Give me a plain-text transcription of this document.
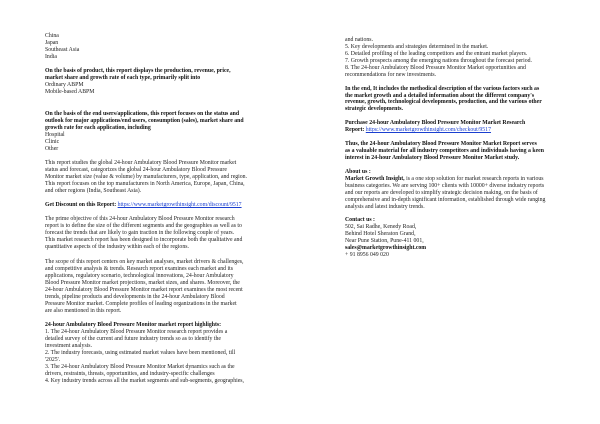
China
Japan
Southeast Asia
India
On the basis of product, this report displays the production, revenue, price,
market share and growth rate of each type, primarily split into
Ordinary ABPM
Mobile-based ABPM
On the basis of the end users/applications, this report focuses on the status and
outlook for major applications/end users, consumption (sales), market share and
growth rate for each application, including
Hospital
Clinic
Other
This report studies the global 24-hour Ambulatory Blood Pressure Monitor market
status and forecast, categorizes the global 24-hour Ambulatory Blood Pressure
Monitor market size (value & volume) by manufacturers, type, application, and region.
This report focuses on the top manufacturers in North America, Europe, Japan, China,
and other regions (India, Southeast Asia).
Get Discount on this Report: https://www.marketgrowthinsight.com/discount/9517
The prime objective of this 24-hour Ambulatory Blood Pressure Monitor research
report is to define the size of the different segments and the geographies as well as to
forecast the trends that are likely to gain traction in the following couple of years.
This market research report has been designed to incorporate both the qualitative and
quantitative aspects of the industry within each of the regions.
The scope of this report centers on key market analyses, market drivers & challenges,
and competitive analysis & trends. Research report examines each market and its
applications, regulatory scenario, technological innovations, 24-hour Ambulatory
Blood Pressure Monitor market projections, market sizes, and shares. Moreover, the
24-hour Ambulatory Blood Pressure Monitor market report examines the most recent
trends, pipeline products and developments in the 24-hour Ambulatory Blood
Pressure Monitor market. Complete profiles of leading organizations in the market
are also mentioned in this report.
24-hour Ambulatory Blood Pressure Monitor market report highlights:
1. The 24-hour Ambulatory Blood Pressure Monitor research report provides a
detailed survey of the current and future industry trends so as to identify the
investment analysis.
2. The industry forecasts, using estimated market values have been mentioned, till
'2025'.
3. The 24-hour Ambulatory Blood Pressure Monitor Market dynamics such as the
drivers, restraints, threats, opportunities, and industry-specific challenges
4. Key industry trends across all the market segments and sub-segments, geographies,
and nations.
5. Key developments and strategies determined in the market.
6. Detailed profiling of the leading competitors and the entrant market players.
7. Growth prospects among the emerging nations throughout the forecast period.
8. The 24-hour Ambulatory Blood Pressure Monitor Market opportunities and
recommendations for new investments.
In the end, It includes the methodical description of the various factors such as
the market growth and a detailed information about the different company's
revenue, growth, technological developments, production, and the various other
strategic developments.
Purchase 24-hour Ambulatory Blood Pressure Monitor Market Research
Report: https://www.marketgrowthinsight.com/checkout/9517
Thus, the 24-hour Ambulatory Blood Pressure Monitor Market Report serves
as a valuable material for all industry competitors and individuals having a keen
interest in 24-hour Ambulatory Blood Pressure Monitor Market study.
About us :
Market Growth Insight, is a one stop solution for market research reports in various
business categories. We are serving 100+ clients with 10000+ diverse industry reports
and our reports are developed to simplify strategic decision making, on the basis of
comprehensive and in-depth significant information, established through wide ranging
analysis and latest industry trends.
Contact us :
502, Sai Radhe, Kenedy Road,
Behind Hotel Sheraton Grand,
Near Pune Station, Pune-411 001,
sales@marketgrowthinsight.com
+ 91 8956 049 020
